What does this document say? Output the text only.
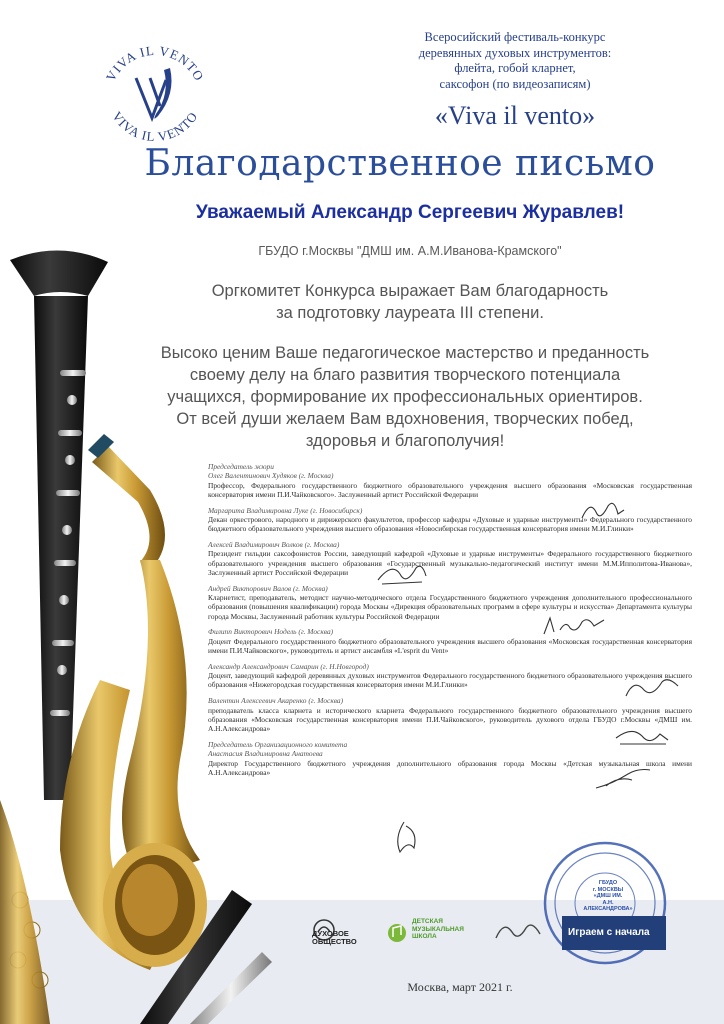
VIVA IL VENTO
VIVA IL VENTO
Всеросийский фестиваль-конкурс
деревянных духовых инструментов:
флейта, гобой кларнет,
саксофон (по видеозаписям)
«Viva il vento»
Благодарственное письмо
Уважаемый Александр Сергеевич Журавлев!
ГБУДО г.Москвы "ДМШ им. А.М.Иванова-Крамского"
Оргкомитет Конкурса выражает Вам благодарность
за подготовку лауреата III степени.
Высоко ценим Ваше педагогическое мастерство и преданность
своему делу на благо развития творческого потенциала
учащихся, формирование их профессиональных ориентиров.
От всей души желаем Вам вдохновения, творческих побед,
здоровья и благополучия!
Председатель жюри
Олег Валентинович Худяков (г. Москва)
Профессор, Федерального государственного бюджетного образовательного учреждения высшего образования «Московская государственная консерватория имени П.И.Чайковского». Заслуженный артист Российской Федерации
Маргарита Владимировна Луке (г. Новосибирск)
Декан оркестрового, народного и дирижерского факультетов, профессор кафедры «Духовые и ударные инструменты» Федерального государственного бюджетного образовательного учреждения высшего образования «Новосибирская государственная консерватория имени М.И.Глинки»
Алексей Владимирович Волков (г. Москва)
Президент гильдии саксофонистов России, заведующий кафедрой «Духовые и ударные инструменты» Федерального государственного бюджетного образовательного учреждения высшего образования «Государственный музыкально-педагогический институт имени М.М.Ипполитова-Иванова», Заслуженный артист Российской Федерации
Андрей Викторович Валов (г. Москва)
Кларнетист, преподаватель, методист научно-методического отдела Государственного бюджетного учреждения дополнительного профессионального образования (повышения квалификации) города Москвы «Дирекция образовательных программ в сфере культуры и искусства» Департамента культуры города Москвы, Заслуженный работник культуры Российской Федерации
Филипп Викторович Нодель (г. Москва)
Доцент Федерального государственного бюджетного образовательного учреждения высшего образования «Московская государственная консерватория имени П.И.Чайковского», руководитель и артист ансамбля «L'esprit du Vent»
Александр Александрович Самарин (г. Н.Новгород)
Доцент, заведующий кафедрой деревянных духовых инструментов Федерального государственного бюджетного образовательного учреждения высшего образования «Нижегородская государственная консерватория имени М.И.Глинки»
Валентин Алексеевич Акаренко (г. Москва)
преподаватель класса кларнета и исторического кларнета Федерального государственного бюджетного образовательного учреждения высшего образования «Московская государственная консерватория имени П.И.Чайковского», руководитель духового отдела ГБУДО г.Москвы «ДМШ им. А.Н.Александрова»
Председатель Организационного комитета
Анастасия Владимировна Анатоева
Директор Государственного бюджетного учреждения дополнительного образования города Москвы «Детская музыкальная школа имени А.Н.Александрова»
ГБУДО
г. МОСКВЫ
«ДМШ ИМ.
А.Н. АЛЕКСАНДРОВА»
ДУХОВОЕ
ОБЩЕСТВО
ДЕТСКАЯ
МУЗЫКАЛЬНАЯ
ШКОЛА	Играем с начала
Москва, март 2021 г.
